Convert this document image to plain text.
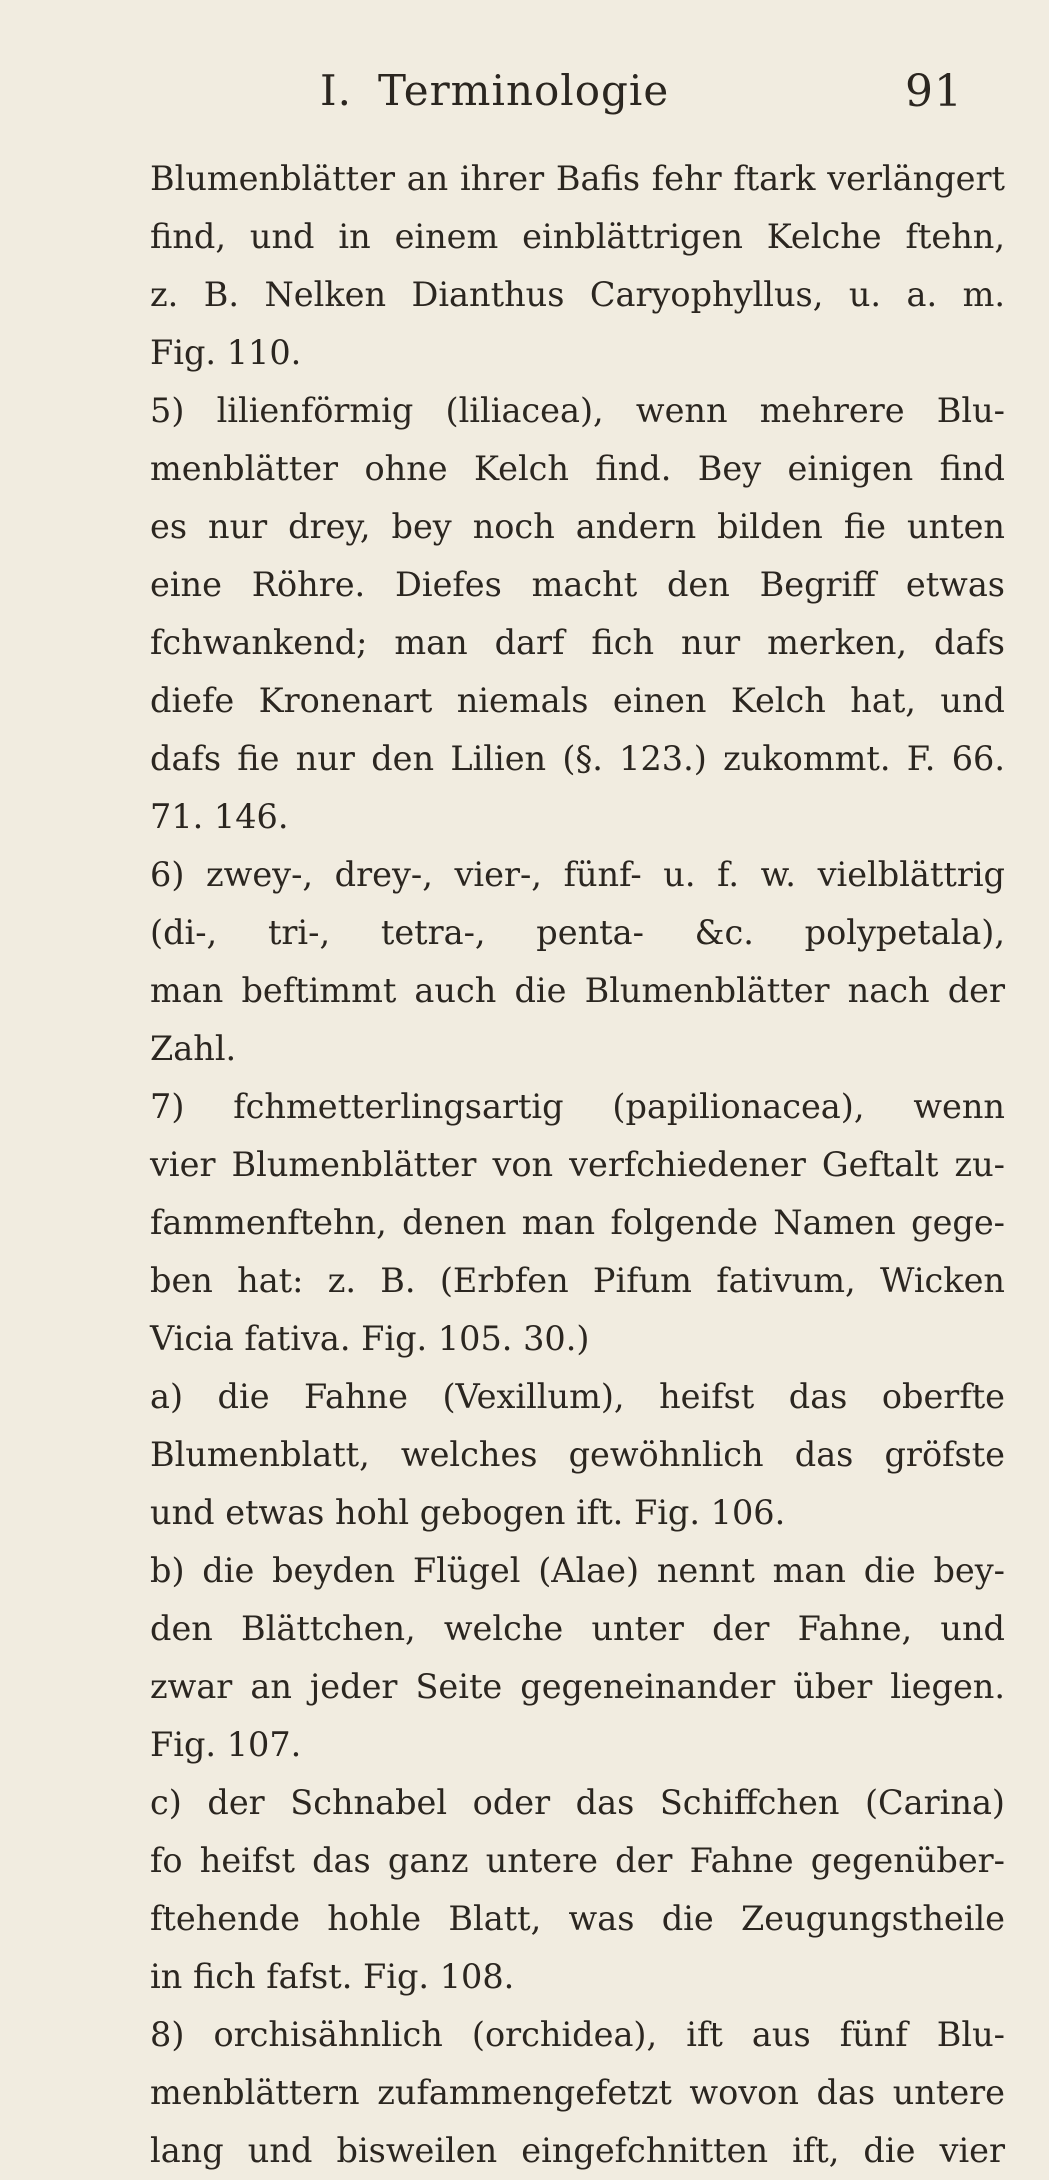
I. Terminologie	91

Blumenblätter an ihrer Bafis fehr ftark verlängert

find, und in einem einblättrigen Kelche ftehn,

z. B. Nelken Dianthus Caryophyllus, u. a. m.

Fig. 110.

5) lilienförmig (liliacea), wenn mehrere Blu-

menblätter ohne Kelch find. Bey einigen find

es nur drey, bey noch andern bilden fie unten

eine Röhre. Diefes macht den Begriff etwas

fchwankend; man darf fich nur merken, dafs

diefe Kronenart niemals einen Kelch hat, und

dafs fie nur den Lilien (§. 123.) zukommt. F. 66.

71. 146.

6) zwey-, drey-, vier-, fünf- u. f. w. vielblättrig

(di-, tri-, tetra-, penta- &c. polypetala),

man beftimmt auch die Blumenblätter nach der

Zahl.

7) fchmetterlingsartig (papilionacea), wenn

vier Blumenblätter von verfchiedener Geftalt zu-

fammenftehn, denen man folgende Namen gege-

ben hat: z. B. (Erbfen Pifum fativum, Wicken

Vicia fativa. Fig. 105. 30.)

a) die Fahne (Vexillum), heifst das oberfte

Blumenblatt, welches gewöhnlich das gröfste

und etwas hohl gebogen ift. Fig. 106.

b) die beyden Flügel (Alae) nennt man die bey-

den Blättchen, welche unter der Fahne, und

zwar an jeder Seite gegeneinander über liegen.

Fig. 107.

c) der Schnabel oder das Schiffchen (Carina)

fo heifst das ganz untere der Fahne gegenüber-

ftehende hohle Blatt, was die Zeugungstheile

in fich fafst. Fig. 108.

8) orchisähnlich (orchidea), ift aus fünf Blu-

menblättern zufammengefetzt wovon das untere

lang und bisweilen eingefchnitten ift, die vier
